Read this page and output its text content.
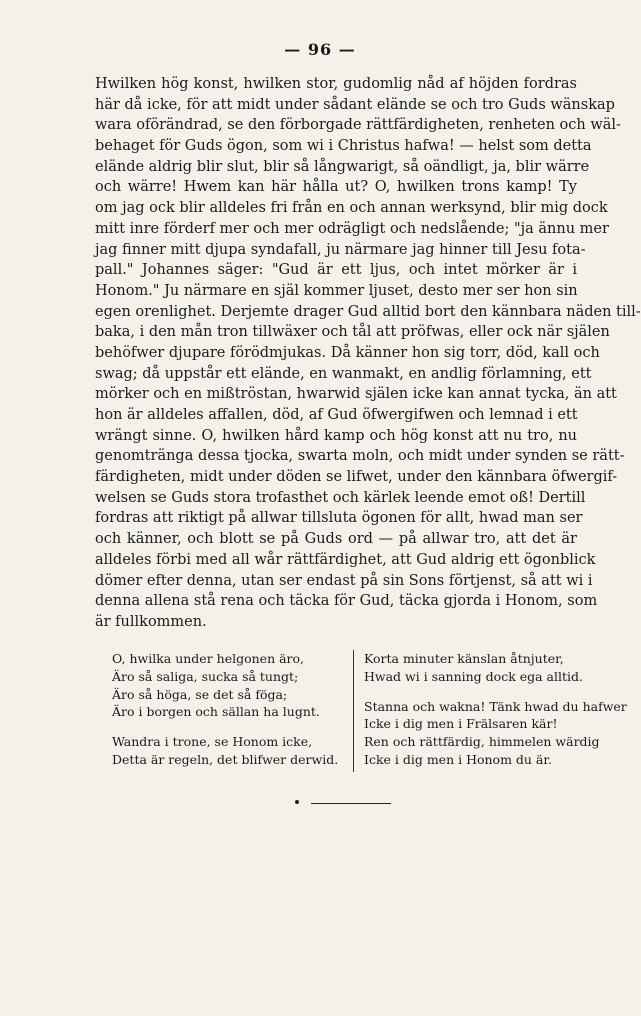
— 96 —
Hwilken hög konst, hwilken stor, gudomlig nåd af höjden fordras
här då icke, för att midt under sådant elände se och tro Guds wänskap
wara oförändrad, se den förborgade rättfärdigheten, renheten och wäl-
behaget för Guds ögon, som wi i Christus hafwa! — helst som detta
elände aldrig blir slut, blir så långwarigt, så oändligt, ja, blir wärre
och wärre! Hwem kan här hålla ut? O, hwilken trons kamp! Ty
om jag ock blir alldeles fri från en och annan werksynd, blir mig dock
mitt inre förderf mer och mer odrägligt och nedslående; "ja ännu mer
jag finner mitt djupa syndafall, ju närmare jag hinner till Jesu fota-
pall." Johannes säger: "Gud är ett ljus, och intet mörker är i
Honom." Ju närmare en själ kommer ljuset, desto mer ser hon sin
egen orenlighet. Derjemte drager Gud alltid bort den kännbara näden till-
baka, i den mån tron tillwäxer och tål att pröfwas, eller ock när själen
behöfwer djupare förödmjukas. Då känner hon sig torr, död, kall och
swag; då uppstår ett elände, en wanmakt, en andlig förlamning, ett
mörker och en mißtröstan, hwarwid själen icke kan annat tycka, än att
hon är alldeles affallen, död, af Gud öfwergifwen och lemnad i ett
wrängt sinne. O, hwilken hård kamp och hög konst att nu tro, nu
genomtränga dessa tjocka, swarta moln, och midt under synden se rätt-
färdigheten, midt under döden se lifwet, under den kännbara öfwergif-
welsen se Guds stora trofasthet och kärlek leende emot oß! Dertill
fordras att riktigt på allwar tillsluta ögonen för allt, hwad man ser
och känner, och blott se på Guds ord — på allwar tro, att det är
alldeles förbi med all wår rättfärdighet, att Gud aldrig ett ögonblick
dömer efter denna, utan ser endast på sin Sons förtjenst, så att wi i
denna allena stå rena och täcka för Gud, täcka gjorda i Honom, som
är fullkommen.
O, hwilka under helgonen äro,
Äro så saliga, sucka så tungt;
Äro så höga, se det så föga;
Äro i borgen och sällan ha lugnt.
Wandra i trone, se Honom icke,
Detta är regeln, det blifwer derwid.
Korta minuter känslan åtnjuter,
Hwad wi i sanning dock ega alltid.
Stanna och wakna! Tänk hwad du hafwer
Icke i dig men i Frälsaren kär!
Ren och rättfärdig, himmelen wärdig
Icke i dig men i Honom du är.
